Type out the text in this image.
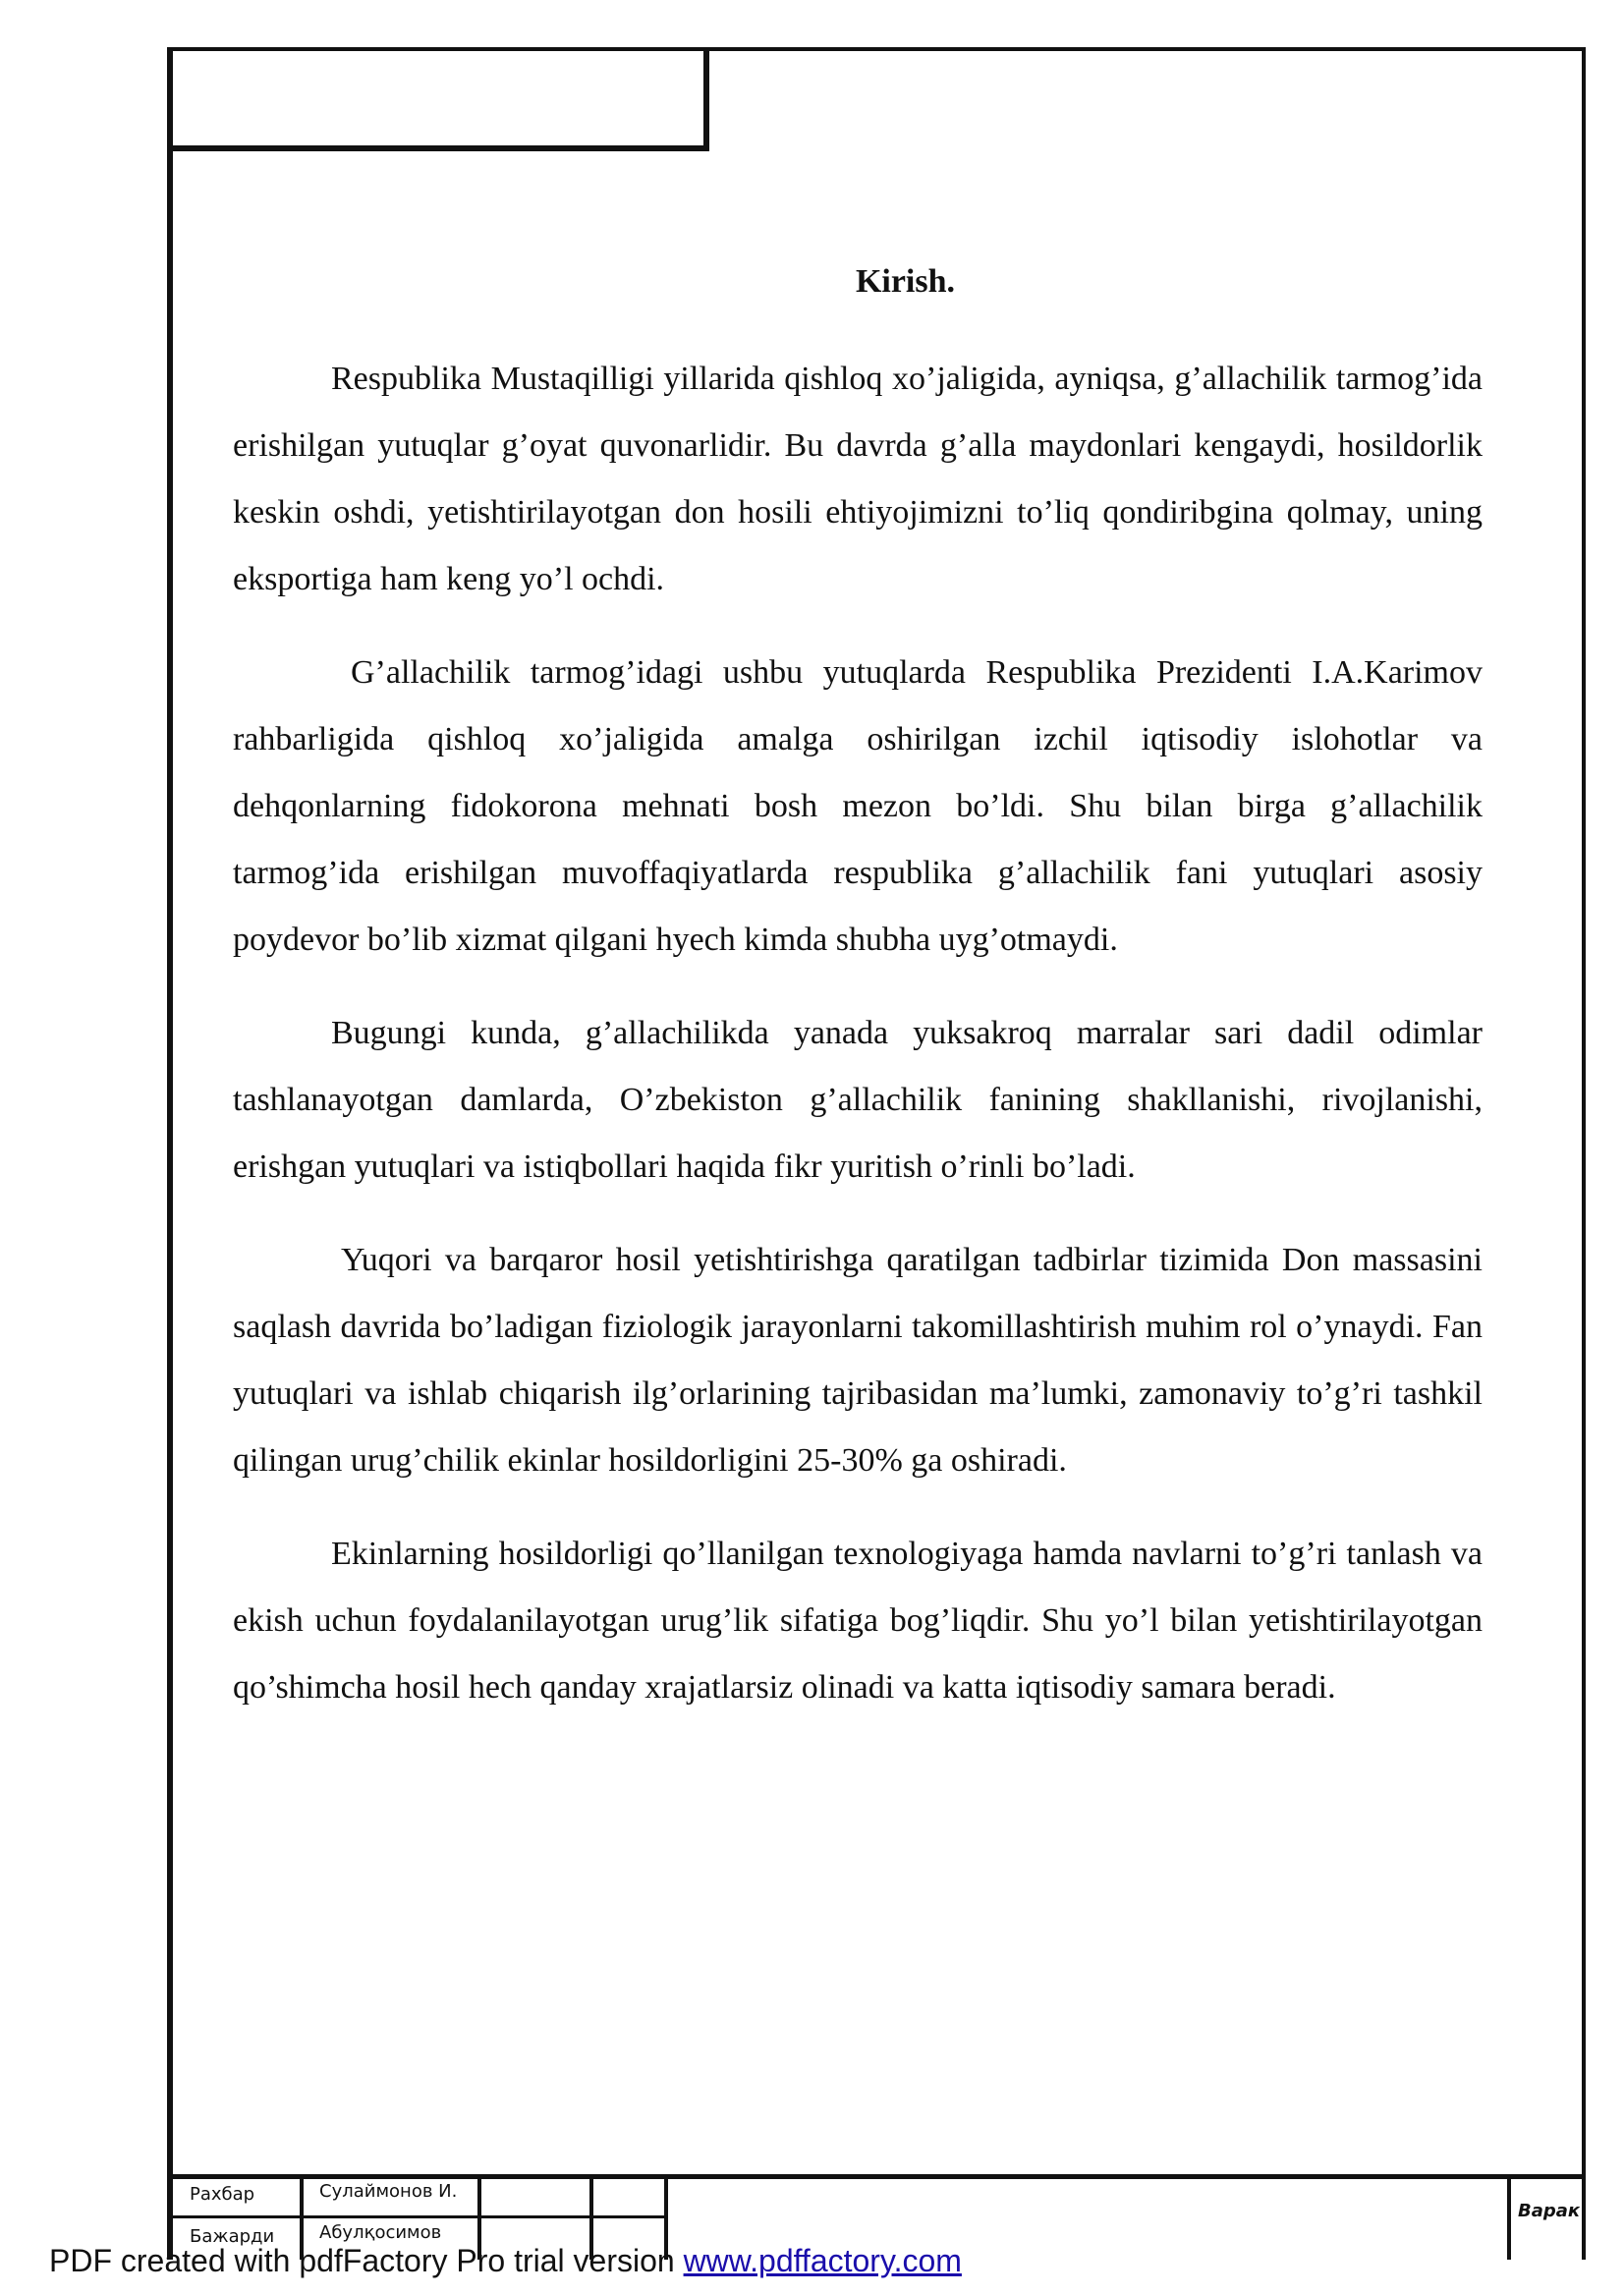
Kirish.

Respublika Mustaqilligi yillarida qishloq xo’jaligida, ayniqsa, g’allachilik tarmog’ida erishilgan yutuqlar g’oyat quvonarlidir. Bu davrda g’alla maydonlari kengaydi, hosildorlik keskin oshdi, yetishtirilayotgan don hosili ehtiyojimizni to’liq qondiribgina qolmay, uning eksportiga ham keng yo’l ochdi.

G’allachilik tarmog’idagi ushbu yutuqlarda Respublika Prezidenti I.A.Karimov rahbarligida qishloq xo’jaligida amalga oshirilgan izchil iqtisodiy islohotlar va dehqonlarning fidokorona mehnati bosh mezon bo’ldi. Shu bilan birga g’allachilik tarmog’ida erishilgan muvoffaqiyatlarda respublika g’allachilik fani yutuqlari asosiy poydevor bo’lib xizmat qilgani hyech kimda shubha uyg’otmaydi.

Bugungi kunda, g’allachilikda yanada yuksakroq marralar sari dadil odimlar tashlanayotgan damlarda, O’zbekiston g’allachilik fanining shakllanishi, rivojlanishi, erishgan yutuqlari va istiqbollari haqida fikr yuritish o’rinli bo’ladi.

Yuqori va barqaror hosil yetishtirishga qaratilgan tadbirlar tizimida Don massasini saqlash davrida bo’ladigan fiziologik jarayonlarni takomillashtirish muhim rol o’ynaydi. Fan yutuqlari va ishlab chiqarish ilg’orlarining tajribasidan ma’lumki, zamonaviy to’g’ri tashkil qilingan urug’chilik ekinlar hosildorligini 25-30% ga oshiradi.

Ekinlarning hosildorligi qo’llanilgan texnologiyaga hamda navlarni to’g’ri tanlash va ekish uchun foydalanilayotgan urug’lik sifatiga bog’liqdir. Shu yo’l bilan yetishtirilayotgan qo’shimcha hosil hech qanday xrajatlarsiz olinadi va katta iqtisodiy samara beradi.

Рахбар	Сулаймонов И.
Бажарди	Абулқосимов
Варак
PDF created with pdfFactory Pro trial version www.pdffactory.com
